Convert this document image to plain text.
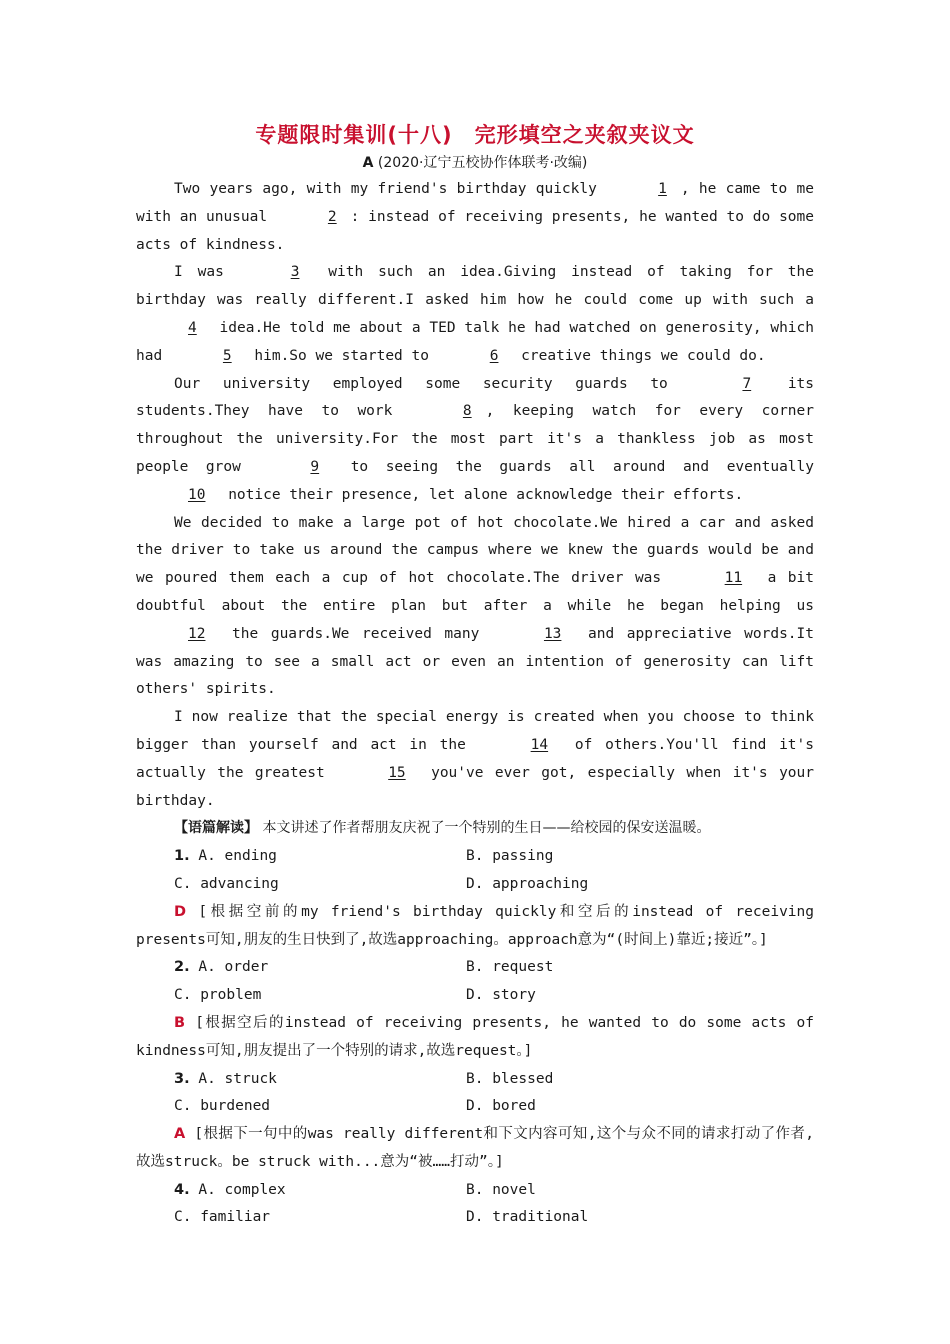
专题限时集训(十八)　完形填空之夹叙夹议文
A (2020·辽宁五校协作体联考·改编)

Two years ago, with my friend's birthday quickly	1 , he came to me with an unusual	2 : instead of receiving presents, he wanted to do some acts of kindness.

I was	3 with such an idea.Giving instead of taking for the birthday was really different.I asked him how he could come up with such a 4 idea.He told me about a TED talk he had watched on generosity, which had	5 him.So we started to	6 creative things we could do.

Our university employed some security guards to	7 its students.They have to work	8 , keeping watch for every corner throughout the university.For the most part it's a thankless job as most people grow	9 to seeing the guards all around and eventually 10 notice their presence, let alone acknowledge their efforts.

We decided to make a large pot of hot chocolate.We hired a car and asked the driver to take us around the campus where we knew the guards would be and we poured them each a cup of hot chocolate.The driver was	11 a bit doubtful about the entire plan but after a while he began helping us 12 the guards.We received many	13 and appreciative words.It was amazing to see a small act or even an intention of generosity can lift others' spirits.

I now realize that the special energy is created when you choose to think bigger than yourself and act in the	14 of others.You'll find it's actually the greatest	15 you've ever got, especially when it's your birthday.

【语篇解读】 本文讲述了作者帮朋友庆祝了一个特别的生日——给校园的保安送温暖。

1. A. ending	B. passing
C. advancing	D. approaching

D [根据空前的my friend's birthday quickly和空后的instead of receiving presents可知,朋友的生日快到了,故选approaching。approach意为“(时间上)靠近;接近”。]

2. A. order	B. request
C. problem	D. story

B [根据空后的instead of receiving presents, he wanted to do some acts of kindness可知,朋友提出了一个特别的请求,故选request。]

3. A. struck	B. blessed
C. burdened	D. bored

A [根据下一句中的was really different和下文内容可知,这个与众不同的请求打动了作者,故选struck。be struck with...意为“被……打动”。]

4. A. complex	B. novel
C. familiar	D. traditional
